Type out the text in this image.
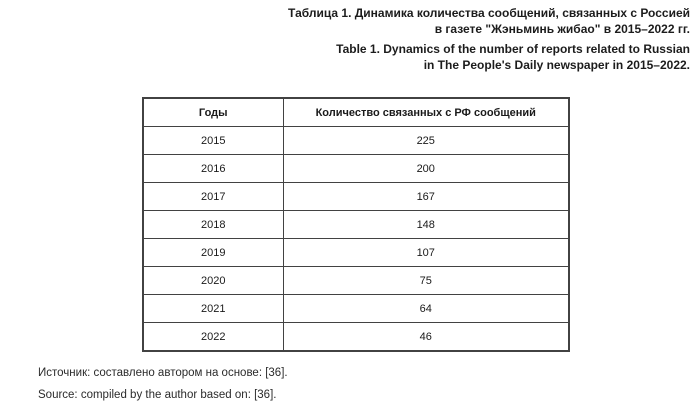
Таблица 1. Динамика количества сообщений, связанных с Россией
в газете "Жэньминь жибао" в 2015–2022 гг.
Table 1. Dynamics of the number of reports related to Russian
in The People's Daily newspaper in 2015–2022.
Годы	Количество связанных с РФ сообщений
2015	225
2016	200
2017	167
2018	148
2019	107
2020	75
2021	64
2022	46
Источник: составлено автором на основе: [36].
Source: compiled by the author based on: [36].
